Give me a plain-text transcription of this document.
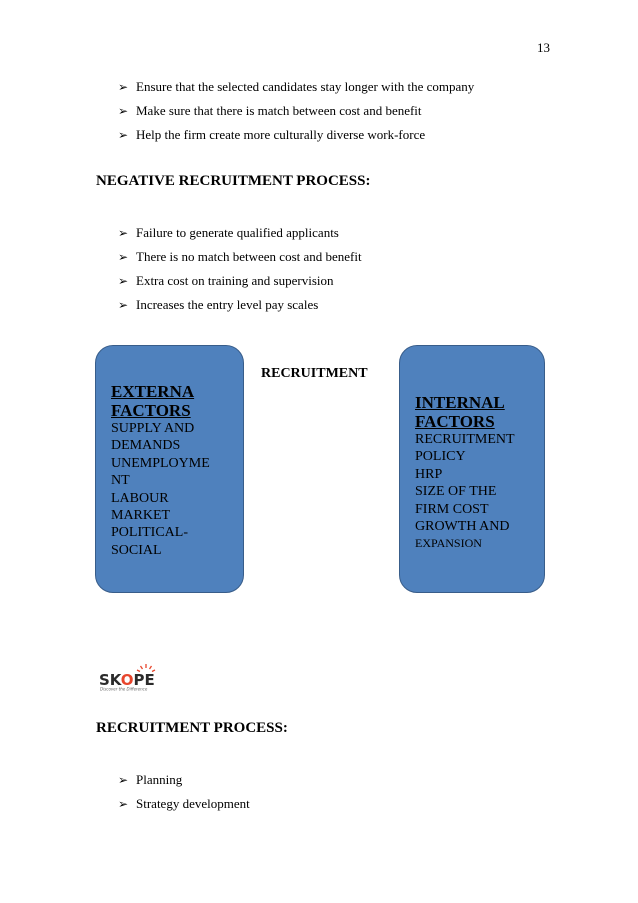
13
➢ Ensure that the selected candidates stay longer with the company
➢ Make sure that there is match between cost and benefit
➢ Help the firm create more culturally diverse work-force
NEGATIVE RECRUITMENT PROCESS:
➢ Failure to generate qualified applicants
➢ There is no match between cost and benefit
➢ Extra cost on training and supervision
➢ Increases the entry level pay scales
EXTERNA
FACTORS
SUPPLY AND
DEMANDS
UNEMPLOYME
NT
LABOUR
MARKET
POLITICAL-
SOCIAL
RECRUITMENT
INTERNAL
FACTORS
RECRUITMENT
POLICY
HRP
SIZE OF THE
FIRM COST
GROWTH AND
EXPANSION
SKOPE
Discover the Difference
RECRUITMENT PROCESS:
➢ Planning
➢ Strategy development
